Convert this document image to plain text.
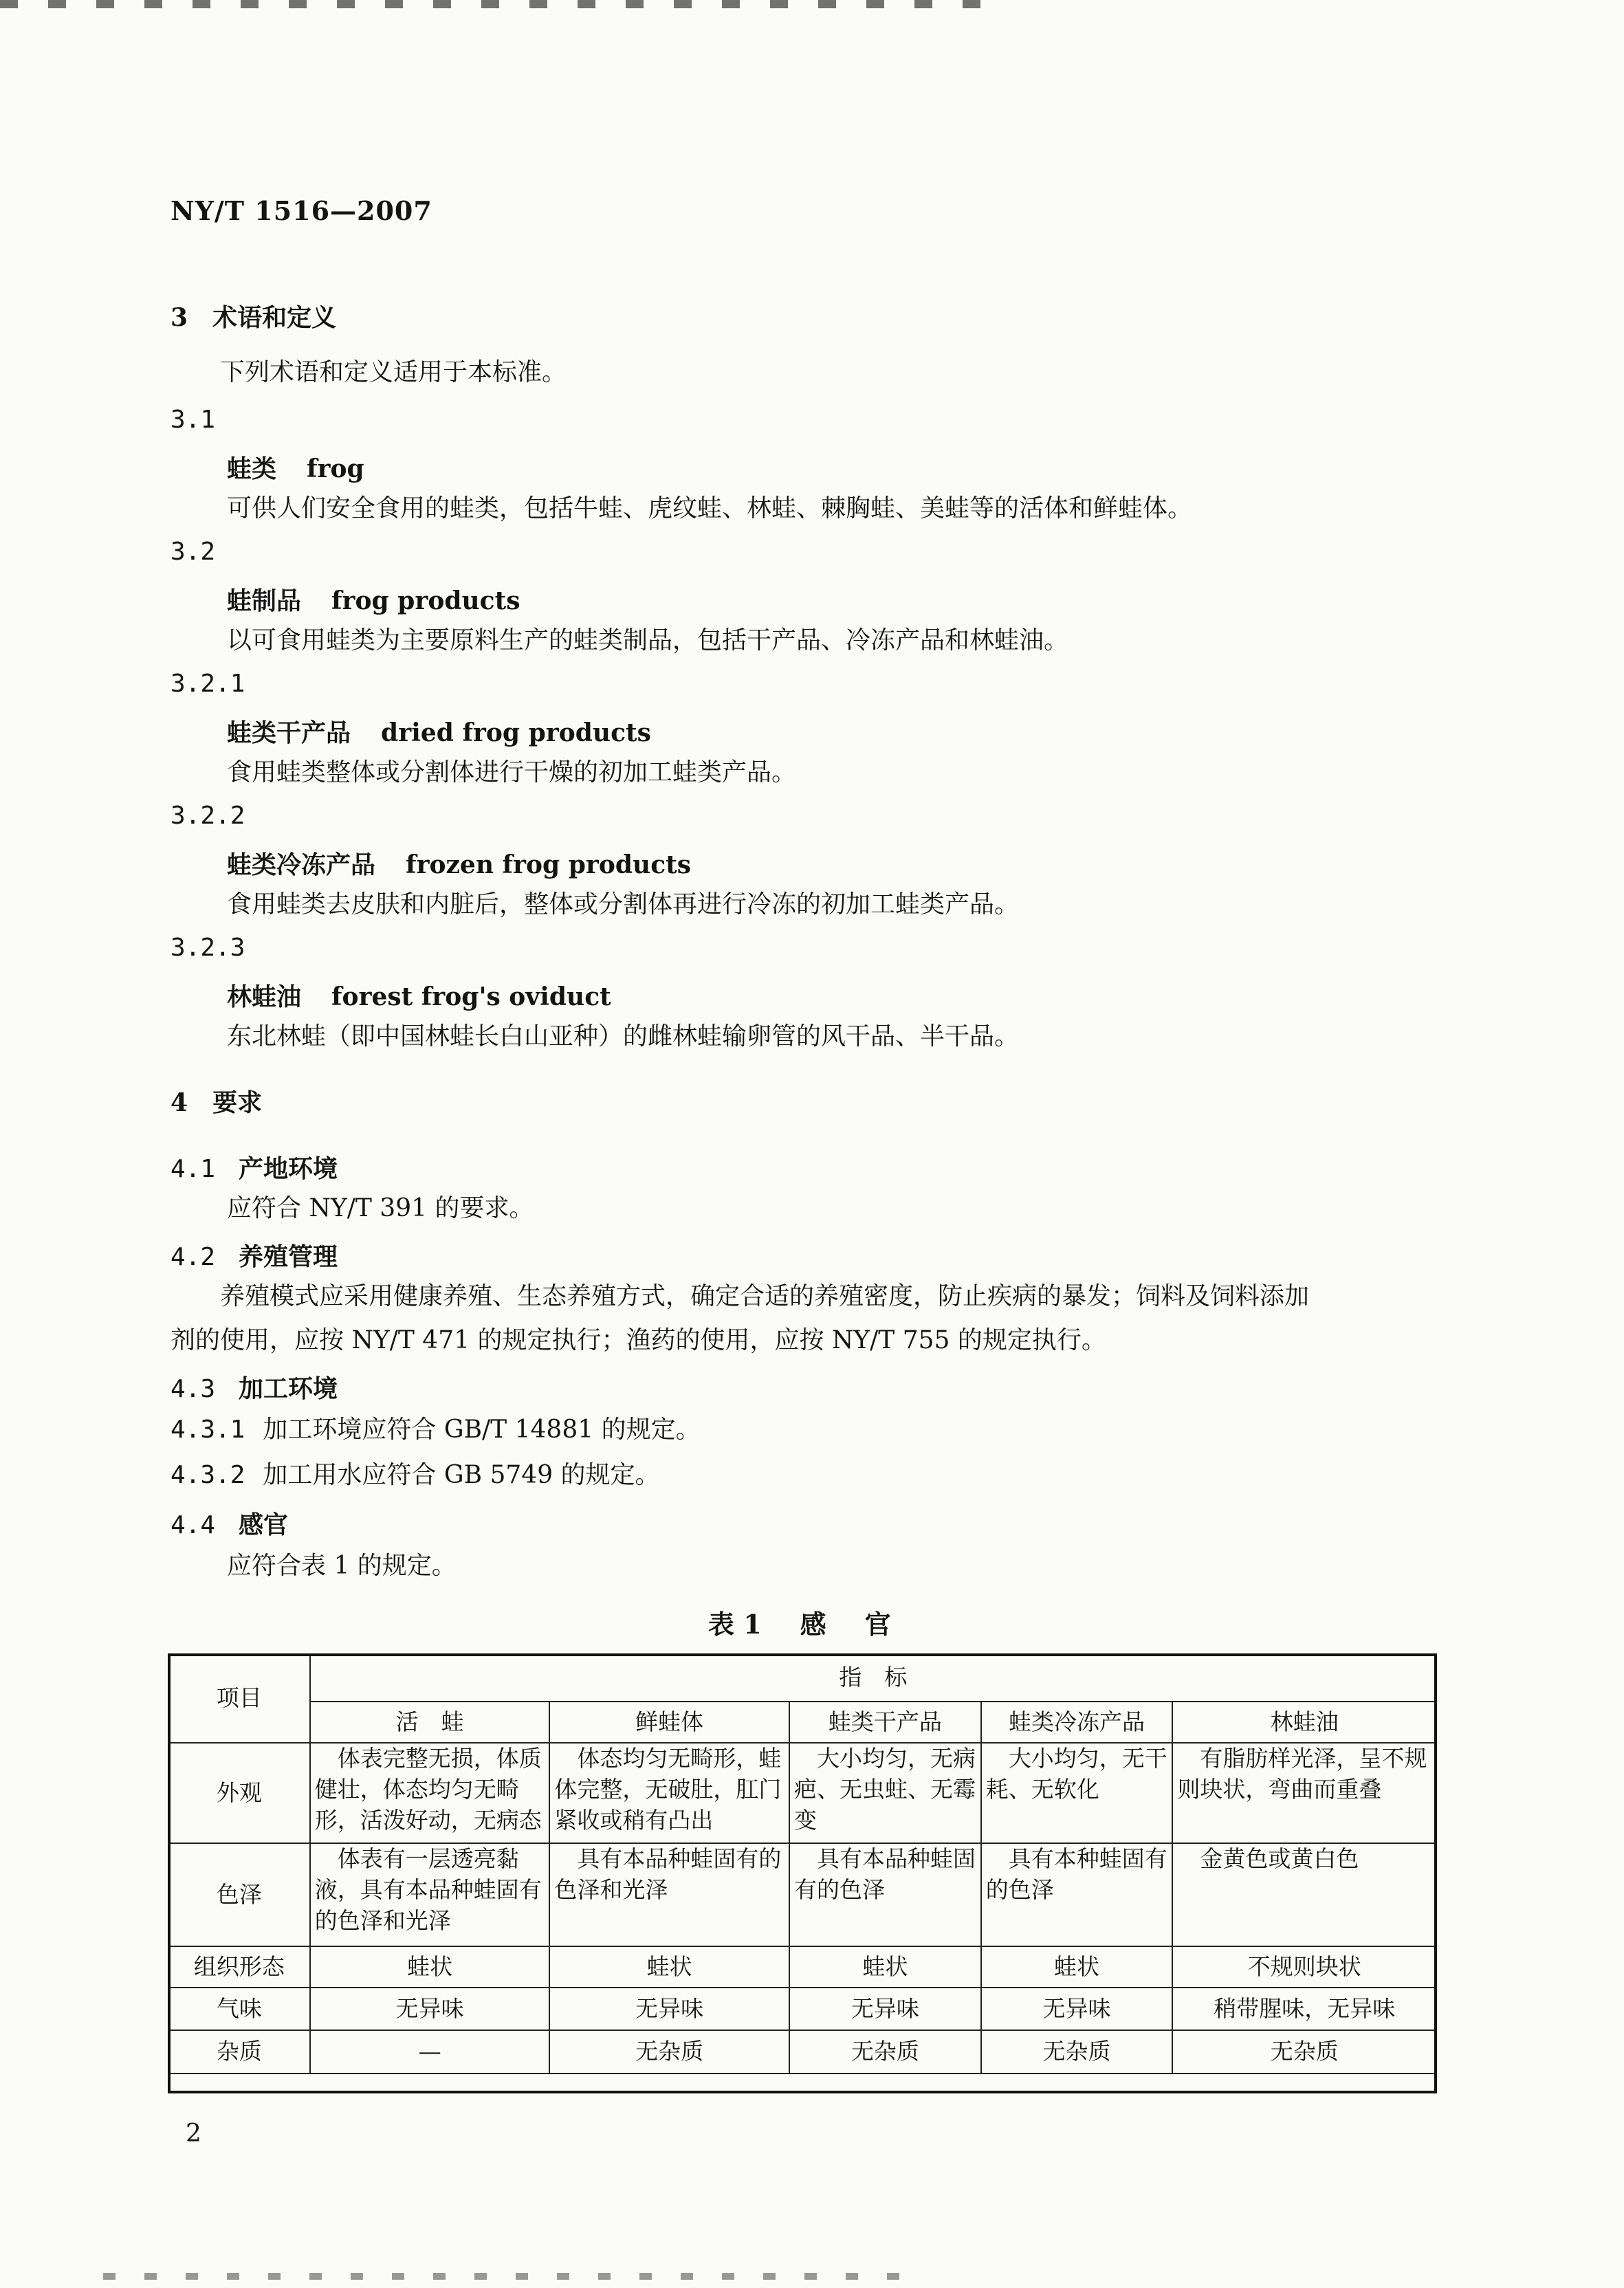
NY/T 1516—2007
3 术语和定义
下列术语和定义适用于本标准。
3.1
蛙类 frog
可供人们安全食用的蛙类，包括牛蛙、虎纹蛙、林蛙、棘胸蛙、美蛙等的活体和鲜蛙体。
3.2
蛙制品 frog products
以可食用蛙类为主要原料生产的蛙类制品，包括干产品、冷冻产品和林蛙油。
3.2.1
蛙类干产品 dried frog products
食用蛙类整体或分割体进行干燥的初加工蛙类产品。
3.2.2
蛙类冷冻产品 frozen frog products
食用蛙类去皮肤和内脏后，整体或分割体再进行冷冻的初加工蛙类产品。
3.2.3
林蛙油 forest frog's oviduct
东北林蛙（即中国林蛙长白山亚种）的雌林蛙输卵管的风干品、半干品。
4 要求
4.1 产地环境
应符合 NY/T 391 的要求。
4.2 养殖管理
养殖模式应采用健康养殖、生态养殖方式，确定合适的养殖密度，防止疾病的暴发；饲料及饲料添加
剂的使用，应按 NY/T 471 的规定执行；渔药的使用，应按 NY/T 755 的规定执行。
4.3 加工环境
4.3.1 加工环境应符合 GB/T 14881 的规定。
4.3.2 加工用水应符合 GB 5749 的规定。
4.4 感官
应符合表 1 的规定。
表 1 感 官
项目	指　标				
	活　蛙	鲜蛙体	蛙类干产品	蛙类冷冻产品	林蛙油
外观	体表完整无损，体质健壮，体态均匀无畸形，活泼好动，无病态	体态均匀无畸形，蛙体完整，无破肚，肛门紧收或稍有凸出	大小均匀，无病疤、无虫蛀、无霉变	大小均匀，无干耗、无软化	有脂肪样光泽，呈不规则块状，弯曲而重叠
色泽	体表有一层透亮黏液，具有本品种蛙固有的色泽和光泽	具有本品种蛙固有的色泽和光泽	具有本品种蛙固有的色泽	具有本种蛙固有的色泽	金黄色或黄白色
组织形态	蛙状	蛙状	蛙状	蛙状	不规则块状
气味	无异味	无异味	无异味	无异味	稍带腥味，无异味
杂质	—	无杂质	无杂质	无杂质	无杂质
2
